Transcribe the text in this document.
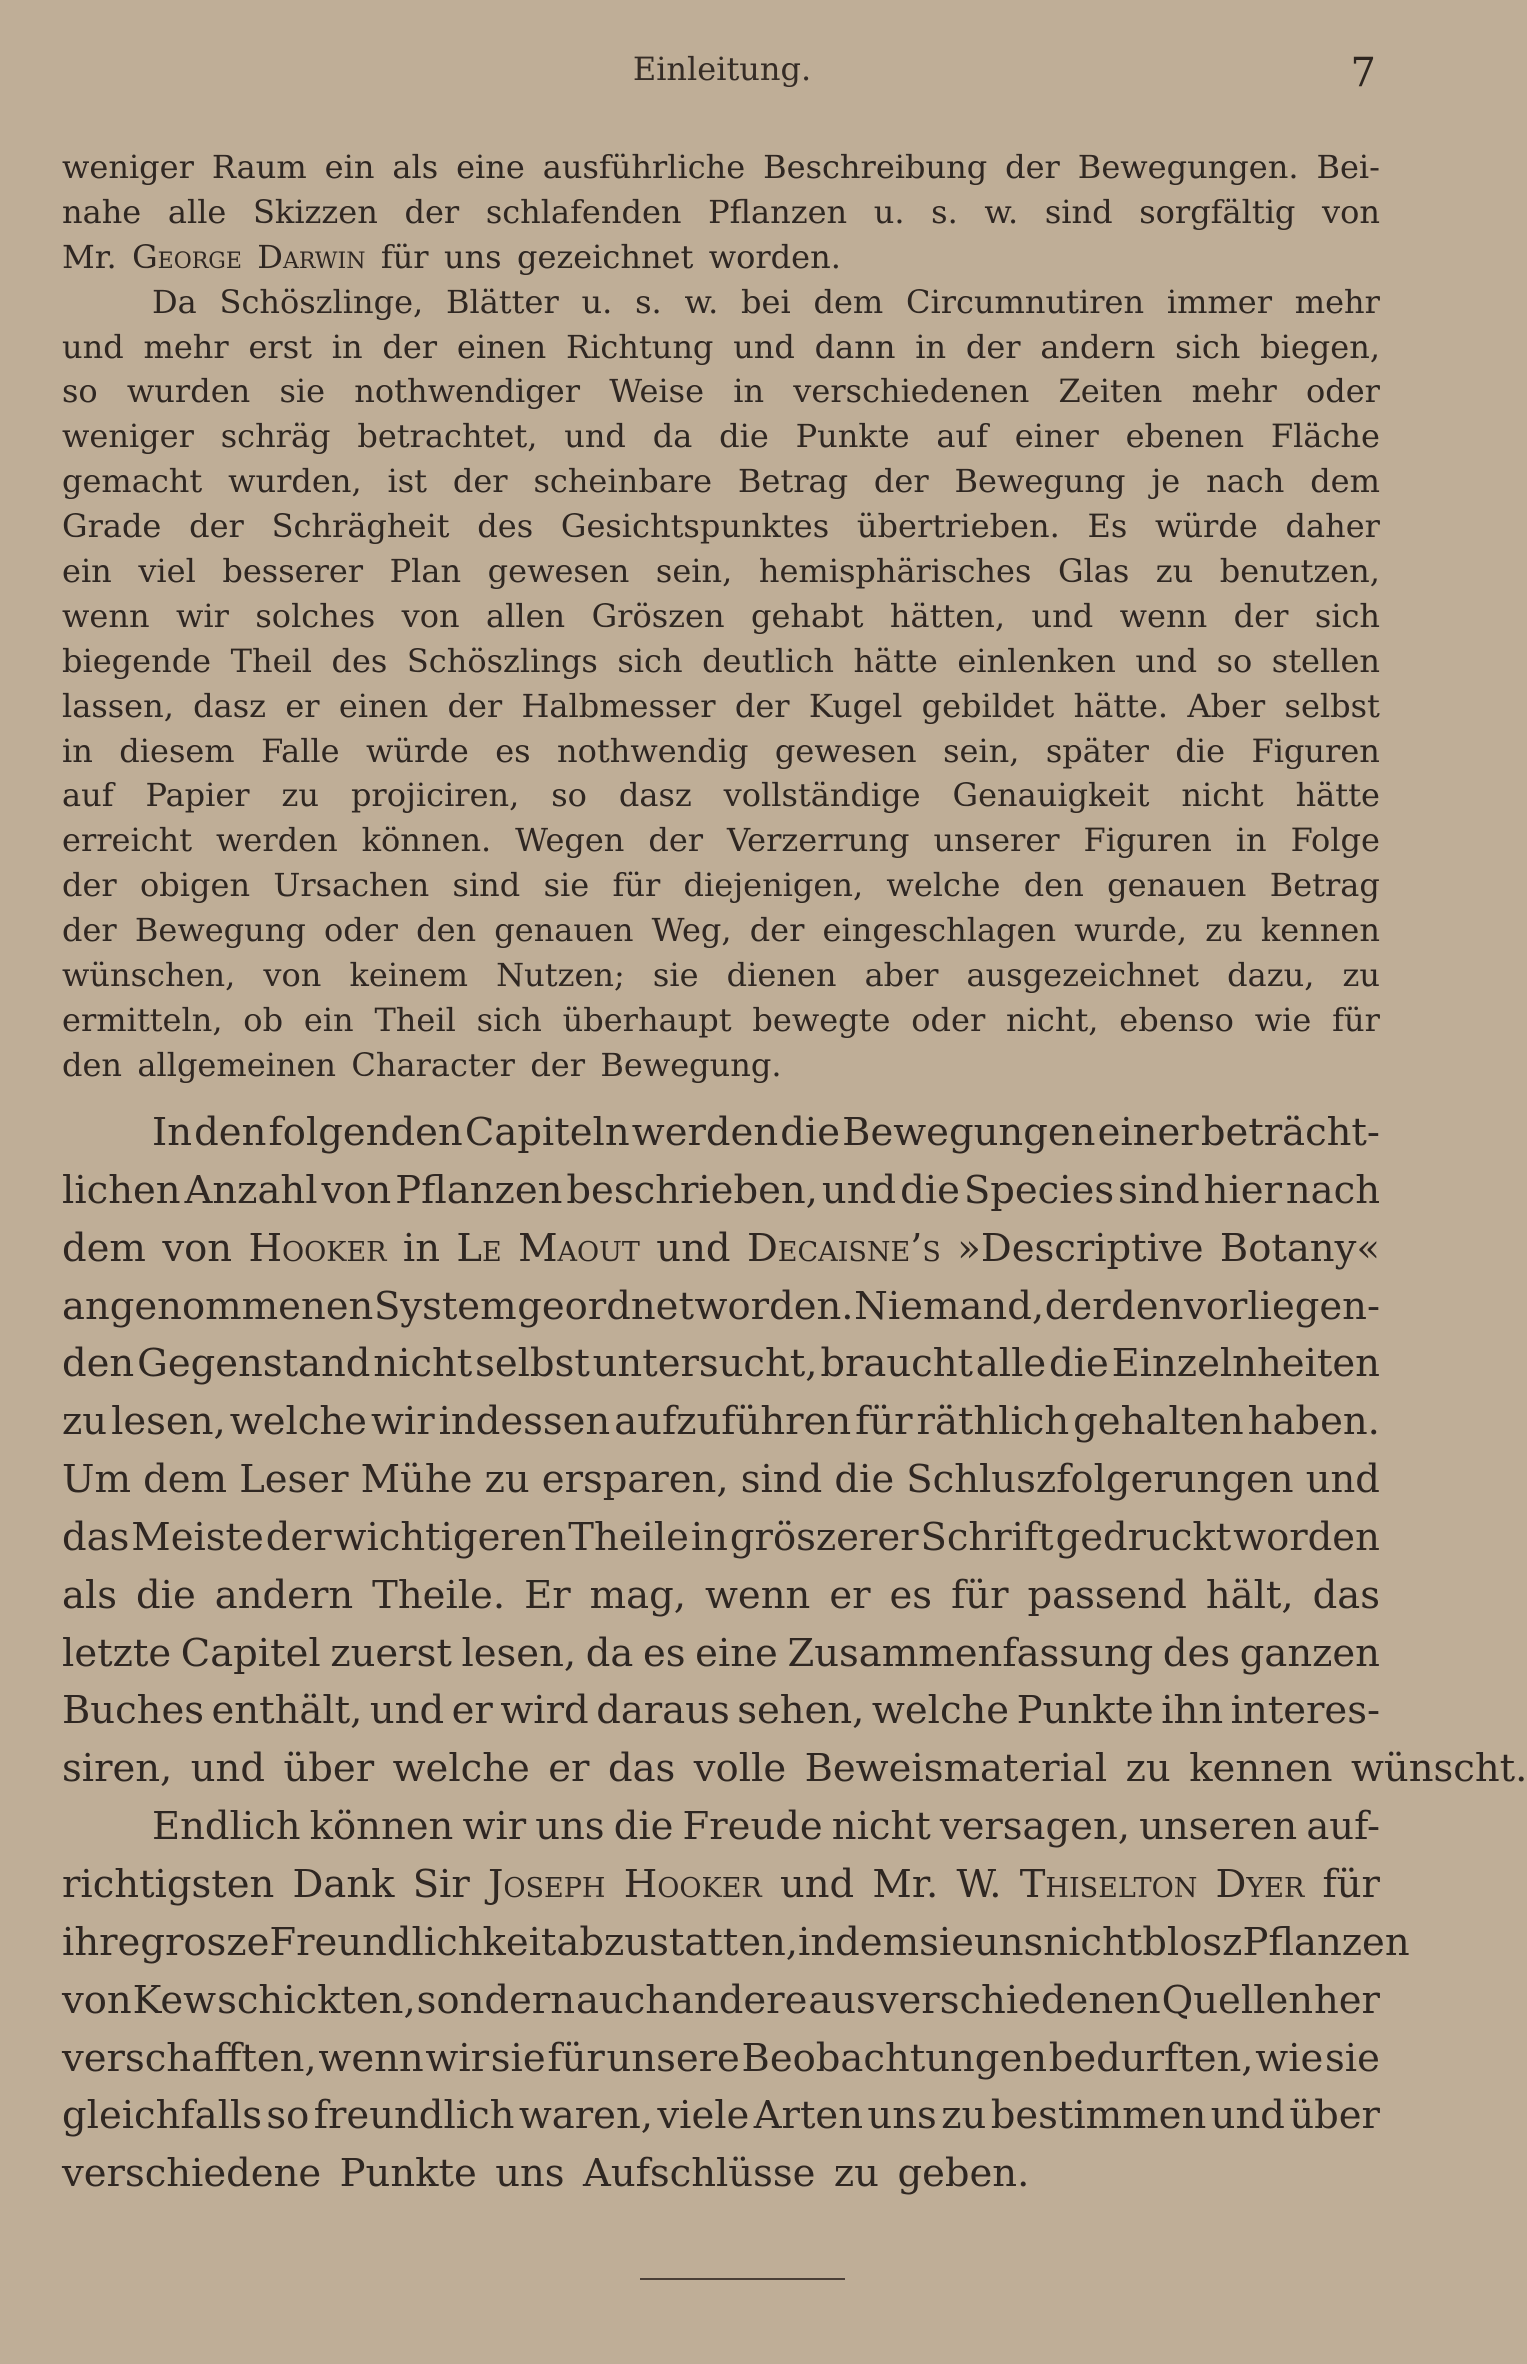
Einleitung.	7
weniger Raum ein als eine ausführliche Beschreibung der Bewegungen. Bei-
nahe alle Skizzen der schlafenden Pflanzen u. s. w. sind sorgfältig von
Mr. George Darwin für uns gezeichnet worden.
Da Schöszlinge, Blätter u. s. w. bei dem Circumnutiren immer mehr
und mehr erst in der einen Richtung und dann in der andern sich biegen,
so wurden sie nothwendiger Weise in verschiedenen Zeiten mehr oder
weniger schräg betrachtet, und da die Punkte auf einer ebenen Fläche
gemacht wurden, ist der scheinbare Betrag der Bewegung je nach dem
Grade der Schrägheit des Gesichtspunktes übertrieben. Es würde daher
ein viel besserer Plan gewesen sein, hemisphärisches Glas zu benutzen,
wenn wir solches von allen Gröszen gehabt hätten, und wenn der sich
biegende Theil des Schöszlings sich deutlich hätte einlenken und so stellen
lassen, dasz er einen der Halbmesser der Kugel gebildet hätte. Aber selbst
in diesem Falle würde es nothwendig gewesen sein, später die Figuren
auf Papier zu projiciren, so dasz vollständige Genauigkeit nicht hätte
erreicht werden können. Wegen der Verzerrung unserer Figuren in Folge
der obigen Ursachen sind sie für diejenigen, welche den genauen Betrag
der Bewegung oder den genauen Weg, der eingeschlagen wurde, zu kennen
wünschen, von keinem Nutzen; sie dienen aber ausgezeichnet dazu, zu
ermitteln, ob ein Theil sich überhaupt bewegte oder nicht, ebenso wie für
den allgemeinen Character der Bewegung.
In den folgenden Capiteln werden die Bewegungen einer beträcht-
lichen Anzahl von Pflanzen beschrieben, und die Species sind hier nach
dem von Hooker in Le Maout und Decaisne’s »Descriptive Botany«
angenommenen System geordnet worden. Niemand, der den vorliegen-
den Gegenstand nicht selbst untersucht, braucht alle die Einzelnheiten
zu lesen, welche wir indessen aufzuführen für räthlich gehalten haben.
Um dem Leser Mühe zu ersparen, sind die Schluszfolgerungen und
das Meiste der wichtigeren Theile in gröszerer Schrift gedruckt worden
als die andern Theile. Er mag, wenn er es für passend hält, das
letzte Capitel zuerst lesen, da es eine Zusammenfassung des ganzen
Buches enthält, und er wird daraus sehen, welche Punkte ihn interes-
siren, und über welche er das volle Beweismaterial zu kennen wünscht.
Endlich können wir uns die Freude nicht versagen, unseren auf-
richtigsten Dank Sir Joseph Hooker und Mr. W. Thiselton Dyer für
ihre grosze Freundlichkeit abzustatten, indem sie uns nicht blosz Pflanzen
von Kew schickten, sondern auch andere aus verschiedenen Quellen her
verschafften, wenn wir sie für unsere Beobachtungen bedurften, wie sie
gleichfalls so freundlich waren, viele Arten uns zu bestimmen und über
verschiedene Punkte uns Aufschlüsse zu geben.
